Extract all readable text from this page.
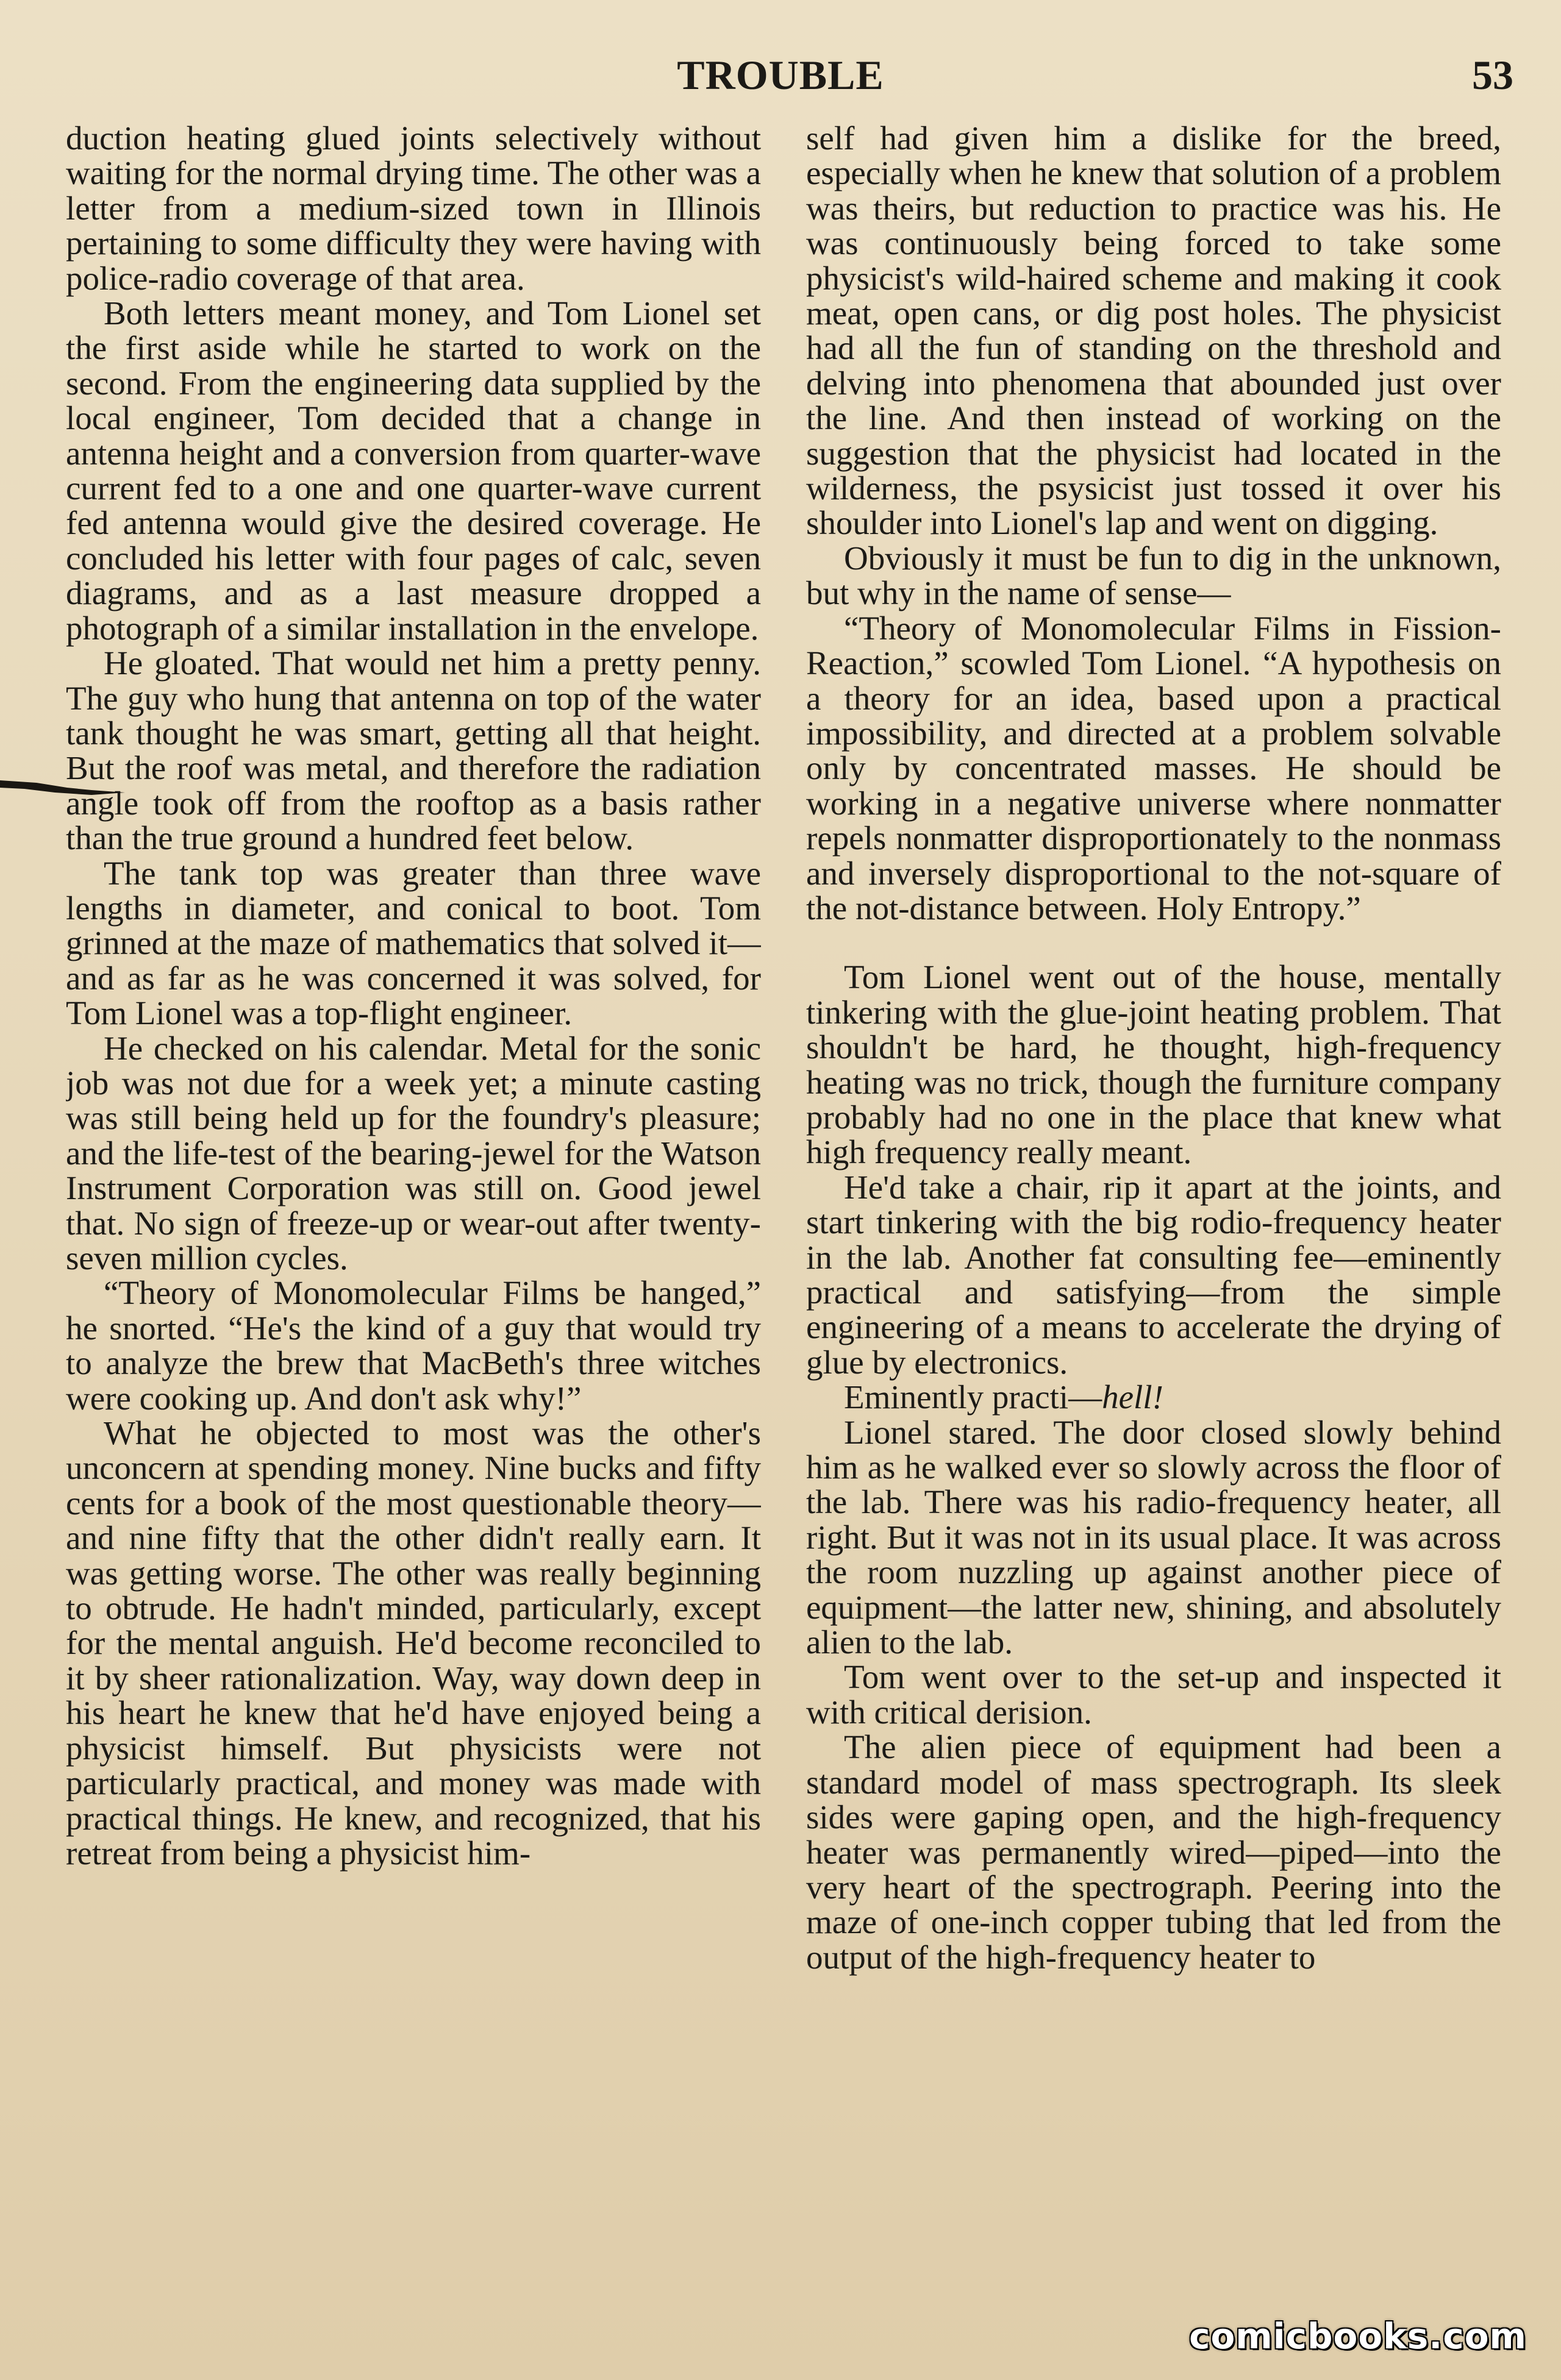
TROUBLE	53

duction heating glued joints selectively without waiting for the normal drying time. The other was a letter from a medium-sized town in Illinois pertaining to some difficulty they were having with police-radio coverage of that area.

Both letters meant money, and Tom Lionel set the first aside while he started to work on the second. From the engineering data supplied by the local engineer, Tom decided that a change in antenna height and a conversion from quarter-wave current fed to a one and one quarter-wave current fed antenna would give the desired coverage. He concluded his letter with four pages of calc, seven diagrams, and as a last measure dropped a photograph of a similar installation in the envelope.

He gloated. That would net him a pretty penny. The guy who hung that antenna on top of the water tank thought he was smart, getting all that height. But the roof was metal, and therefore the radiation angle took off from the rooftop as a basis rather than the true ground a hundred feet below.

The tank top was greater than three wave lengths in diameter, and conical to boot. Tom grinned at the maze of mathematics that solved it—and as far as he was concerned it was solved, for Tom Lionel was a top-flight engineer.

He checked on his calendar. Metal for the sonic job was not due for a week yet; a minute casting was still being held up for the foundry's pleasure; and the life-test of the bearing-jewel for the Watson Instrument Corporation was still on. Good jewel that. No sign of freeze-up or wear-out after twenty-seven million cycles.

“Theory of Monomolecular Films be hanged,” he snorted. “He's the kind of a guy that would try to analyze the brew that MacBeth's three witches were cooking up. And don't ask why!”

What he objected to most was the other's unconcern at spending money. Nine bucks and fifty cents for a book of the most questionable theory—and nine fifty that the other didn't really earn. It was getting worse. The other was really beginning to obtrude. He hadn't minded, particularly, except for the mental anguish. He'd become reconciled to it by sheer rationalization. Way, way down deep in his heart he knew that he'd have enjoyed being a physicist himself. But physicists were not particularly practical, and money was made with practical things. He knew, and recognized, that his retreat from being a physicist him-

self had given him a dislike for the breed, especially when he knew that solution of a problem was theirs, but reduction to practice was his. He was continuously being forced to take some physicist's wild-haired scheme and making it cook meat, open cans, or dig post holes. The physicist had all the fun of standing on the threshold and delving into phenomena that abounded just over the line. And then instead of working on the suggestion that the physicist had located in the wilderness, the psysicist just tossed it over his shoulder into Lionel's lap and went on digging.

Obviously it must be fun to dig in the unknown, but why in the name of sense—

“Theory of Monomolecular Films in Fission-Reaction,” scowled Tom Lionel. “A hypothesis on a theory for an idea, based upon a practical impossibility, and directed at a problem solvable only by concentrated masses. He should be working in a negative universe where nonmatter repels nonmatter disproportionately to the nonmass and inversely disproportional to the not-square of the not-distance between. Holy Entropy.”

Tom Lionel went out of the house, mentally tinkering with the glue-joint heating problem. That shouldn't be hard, he thought, high-frequency heating was no trick, though the furniture company probably had no one in the place that knew what high frequency really meant.

He'd take a chair, rip it apart at the joints, and start tinkering with the big rodio-frequency heater in the lab. Another fat consulting fee—eminently practical and satisfying—from the simple engineering of a means to accelerate the drying of glue by electronics.

Eminently practi—hell!

Lionel stared. The door closed slowly behind him as he walked ever so slowly across the floor of the lab. There was his radio-frequency heater, all right. But it was not in its usual place. It was across the room nuzzling up against another piece of equipment—the latter new, shining, and absolutely alien to the lab.

Tom went over to the set-up and inspected it with critical derision.

The alien piece of equipment had been a standard model of mass spectrograph. Its sleek sides were gaping open, and the high-frequency heater was permanently wired—piped—into the very heart of the spectrograph. Peering into the maze of one-inch copper tubing that led from the output of the high-frequency heater to

comicbooks.com
